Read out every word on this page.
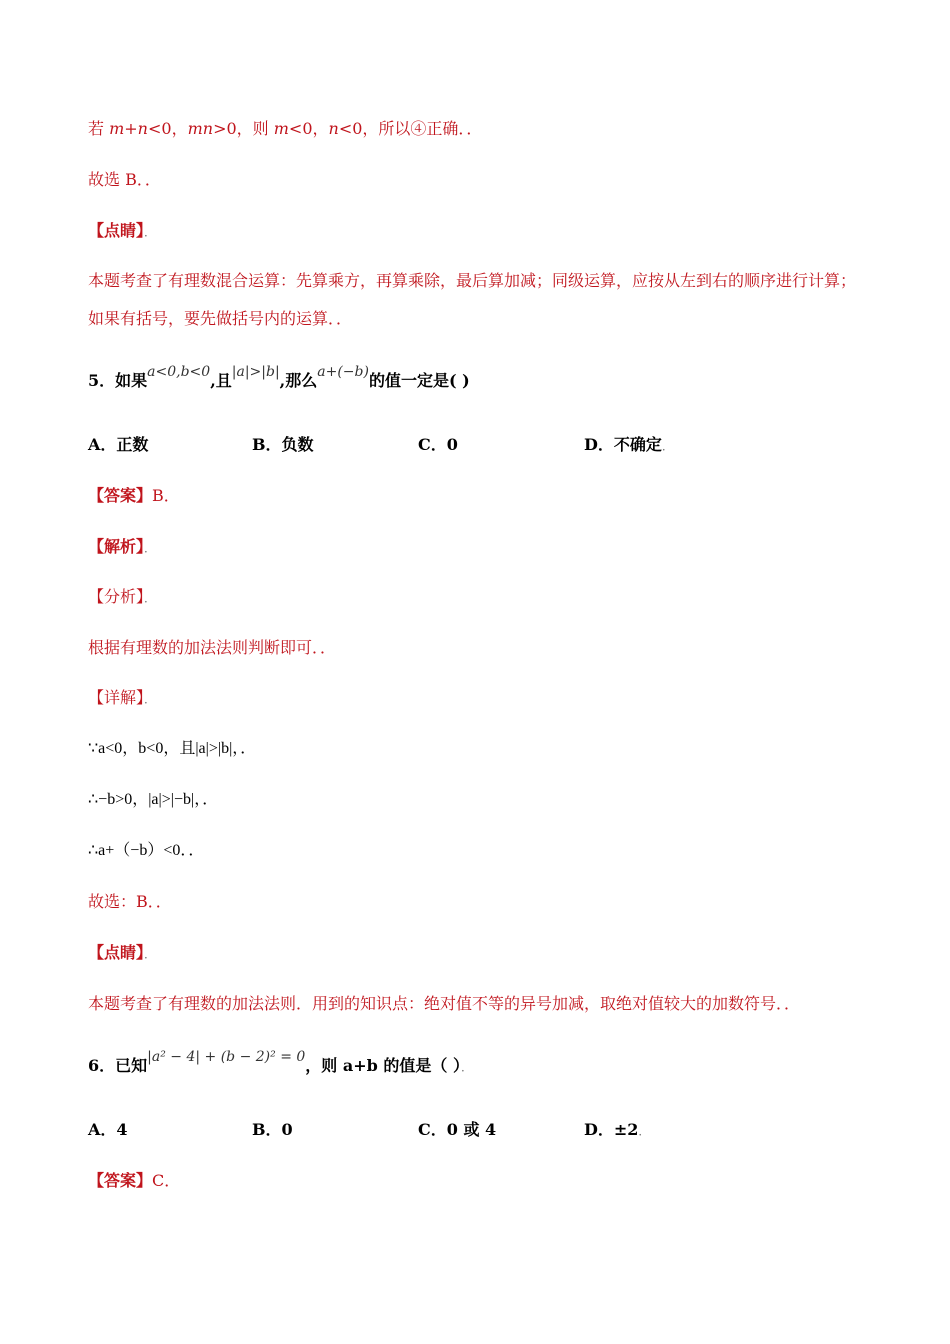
若 m+n<0，mn>0，则 m<0，n<0，所以④正确．．
故选 B．．
【点睛】．
本题考查了有理数混合运算：先算乘方，再算乘除，最后算加减；同级运算，应按从左到右的顺序进行计算；如果有括号，要先做括号内的运算．．
5．如果a<0,b<0,且|a|>|b|,那么a+(−b)的值一定是( )
A．正数	B．负数	C．0	D．不确定．
【答案】B．
【解析】．
【分析】．
根据有理数的加法法则判断即可．．
【详解】．
∵a<0，b<0，且|a|>|b|，．
∴−b>0，|a|>|−b|，．
∴a+（−b）<0．．
故选：B．．
【点睛】．
本题考查了有理数的加法法则．用到的知识点：绝对值不等的异号加减，取绝对值较大的加数符号．．
6．已知|a² − 4| + (b − 2)² = 0，则 a+b 的值是（ ）．
A．4	B．0	C．0 或 4	D．±2．
【答案】C．
